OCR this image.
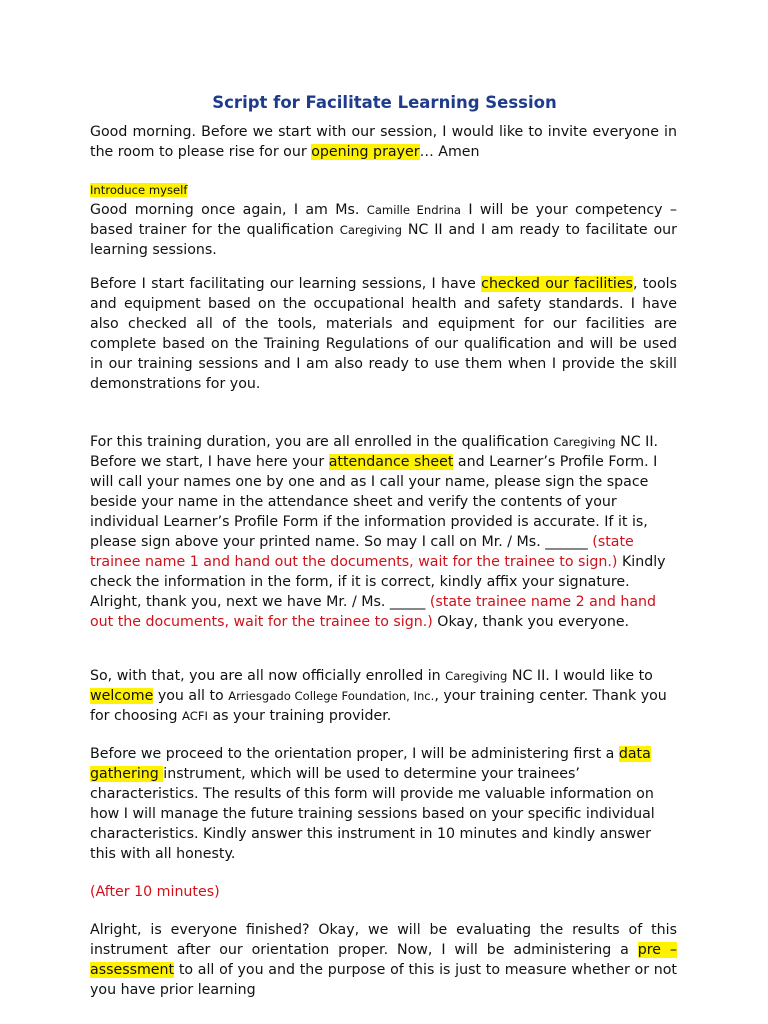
Script for Facilitate Learning Session

Good morning. Before we start with our session, I would like to invite everyone in the room to please rise for our opening prayer… Amen

Introduce myself

Good morning once again, I am Ms. Camille Endrina I will be your competency – based trainer for the qualification Caregiving NC II and I am ready to facilitate our learning sessions.

Before I start facilitating our learning sessions, I have checked our facilities, tools and equipment based on the occupational health and safety standards. I have also checked all of the tools, materials and equipment for our facilities are complete based on the Training Regulations of our qualification and will be used in our training sessions and I am also ready to use them when I provide the skill demonstrations for you.

For this training duration, you are all enrolled in the qualification Caregiving NC II. Before we start, I have here your attendance sheet and Learner’s Profile Form. I will call your names one by one and as I call your name, please sign the space beside your name in the attendance sheet and verify the contents of your individual Learner’s Profile Form if the information provided is accurate. If it is, please sign above your printed name. So may I call on Mr. / Ms. ______ (state trainee name 1 and hand out the documents, wait for the trainee to sign.) Kindly check the information in the form, if it is correct, kindly affix your signature. Alright, thank you, next we have Mr. / Ms. _____ (state trainee name 2 and hand out the documents, wait for the trainee to sign.) Okay, thank you everyone.

So, with that, you are all now officially enrolled in Caregiving NC II. I would like to welcome you all to Arriesgado College Foundation, Inc., your training center. Thank you for choosing ACFI as your training provider.

Before we proceed to the orientation proper, I will be administering first a data gathering instrument, which will be used to determine your trainees’ characteristics. The results of this form will provide me valuable information on how I will manage the future training sessions based on your specific individual characteristics. Kindly answer this instrument in 10 minutes and kindly answer this with all honesty.

(After 10 minutes)

Alright, is everyone finished? Okay, we will be evaluating the results of this instrument after our orientation proper. Now, I will be administering a pre – assessment to all of you and the purpose of this is just to measure whether or not you have prior learning
